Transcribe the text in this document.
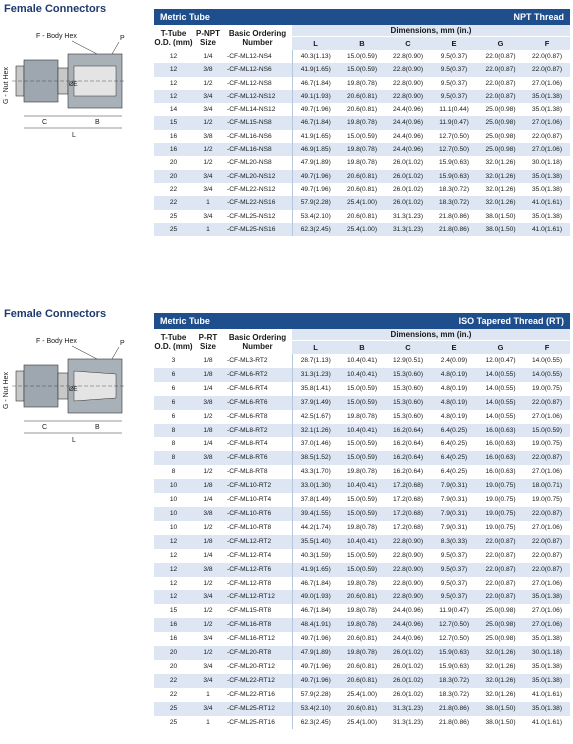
Female Connectors
F - Body Hex	P
G - Nut Hex	ØE
C	B
L
Metric Tube	NPT Thread
T-Tube O.D. (mm)	P-NPT Size	Basic Ordering Number	Dimensions, mm (in.)					
			L	B	C	E	G	F
12	1/4	-CF-ML12-NS4	40.3(1.13)	15.0(0.59)	22.8(0.90)	9.5(0.37)	22.0(0.87)	22.0(0.87)
12	3/8	-CF-ML12-NS6	41.9(1.65)	15.0(0.59)	22.8(0.90)	9.5(0.37)	22.0(0.87)	22.0(0.87)
12	1/2	-CF-ML12-NS8	46.7(1.84)	19.8(0.78)	22.8(0.90)	9.5(0.37)	22.0(0.87)	27.0(1.06)
12	3/4	-CF-ML12-NS12	49.1(1.93)	20.6(0.81)	22.8(0.90)	9.5(0.37)	22.0(0.87)	35.0(1.38)
14	3/4	-CF-ML14-NS12	49.7(1.96)	20.6(0.81)	24.4(0.96)	11.1(0.44)	25.0(0.98)	35.0(1.38)
15	1/2	-CF-ML15-NS8	46.7(1.84)	19.8(0.78)	24.4(0.96)	11.9(0.47)	25.0(0.98)	27.0(1.06)
16	3/8	-CF-ML16-NS6	41.9(1.65)	15.0(0.59)	24.4(0.96)	12.7(0.50)	25.0(0.98)	22.0(0.87)
16	1/2	-CF-ML16-NS8	46.9(1.85)	19.8(0.78)	24.4(0.96)	12.7(0.50)	25.0(0.98)	27.0(1.06)
20	1/2	-CF-ML20-NS8	47.9(1.89)	19.8(0.78)	26.0(1.02)	15.9(0.63)	32.0(1.26)	30.0(1.18)
20	3/4	-CF-ML20-NS12	49.7(1.96)	20.6(0.81)	26.0(1.02)	15.9(0.63)	32.0(1.26)	35.0(1.38)
22	3/4	-CF-ML22-NS12	49.7(1.96)	20.6(0.81)	26.0(1.02)	18.3(0.72)	32.0(1.26)	35.0(1.38)
22	1	-CF-ML22-NS16	57.9(2.28)	25.4(1.00)	26.0(1.02)	18.3(0.72)	32.0(1.26)	41.0(1.61)
25	3/4	-CF-ML25-NS12	53.4(2.10)	20.6(0.81)	31.3(1.23)	21.8(0.86)	38.0(1.50)	35.0(1.38)
25	1	-CF-ML25-NS16	62.3(2.45)	25.4(1.00)	31.3(1.23)	21.8(0.86)	38.0(1.50)	41.0(1.61)
Female Connectors
F - Body Hex	P
G - Nut Hex	ØE
C	B
L
Metric Tube	ISO Tapered Thread (RT)
T-Tube O.D. (mm)	P-RT Size	Basic Ordering Number	Dimensions, mm (in.)					
			L	B	C	E	G	F
3	1/8	-CF-ML3-RT2	28.7(1.13)	10.4(0.41)	12.9(0.51)	2.4(0.09)	12.0(0.47)	14.0(0.55)
6	1/8	-CF-ML6-RT2	31.3(1.23)	10.4(0.41)	15.3(0.60)	4.8(0.19)	14.0(0.55)	14.0(0.55)
6	1/4	-CF-ML6-RT4	35.8(1.41)	15.0(0.59)	15.3(0.60)	4.8(0.19)	14.0(0.55)	19.0(0.75)
6	3/8	-CF-ML6-RT6	37.9(1.49)	15.0(0.59)	15.3(0.60)	4.8(0.19)	14.0(0.55)	22.0(0.87)
6	1/2	-CF-ML6-RT8	42.5(1.67)	19.8(0.78)	15.3(0.60)	4.8(0.19)	14.0(0.55)	27.0(1.06)
8	1/8	-CF-ML8-RT2	32.1(1.26)	10.4(0.41)	16.2(0.64)	6.4(0.25)	16.0(0.63)	15.0(0.59)
8	1/4	-CF-ML8-RT4	37.0(1.46)	15.0(0.59)	16.2(0.64)	6.4(0.25)	16.0(0.63)	19.0(0.75)
8	3/8	-CF-ML8-RT6	38.5(1.52)	15.0(0.59)	16.2(0.64)	6.4(0.25)	16.0(0.63)	22.0(0.87)
8	1/2	-CF-ML8-RT8	43.3(1.70)	19.8(0.78)	16.2(0.64)	6.4(0.25)	16.0(0.63)	27.0(1.06)
10	1/8	-CF-ML10-RT2	33.0(1.30)	10.4(0.41)	17.2(0.68)	7.9(0.31)	19.0(0.75)	18.0(0.71)
10	1/4	-CF-ML10-RT4	37.8(1.49)	15.0(0.59)	17.2(0.68)	7.9(0.31)	19.0(0.75)	19.0(0.75)
10	3/8	-CF-ML10-RT6	39.4(1.55)	15.0(0.59)	17.2(0.68)	7.9(0.31)	19.0(0.75)	22.0(0.87)
10	1/2	-CF-ML10-RT8	44.2(1.74)	19.8(0.78)	17.2(0.68)	7.9(0.31)	19.0(0.75)	27.0(1.06)
12	1/8	-CF-ML12-RT2	35.5(1.40)	10.4(0.41)	22.8(0.90)	8.3(0.33)	22.0(0.87)	22.0(0.87)
12	1/4	-CF-ML12-RT4	40.3(1.59)	15.0(0.59)	22.8(0.90)	9.5(0.37)	22.0(0.87)	22.0(0.87)
12	3/8	-CF-ML12-RT6	41.9(1.65)	15.0(0.59)	22.8(0.90)	9.5(0.37)	22.0(0.87)	22.0(0.87)
12	1/2	-CF-ML12-RT8	46.7(1.84)	19.8(0.78)	22.8(0.90)	9.5(0.37)	22.0(0.87)	27.0(1.06)
12	3/4	-CF-ML12-RT12	49.0(1.93)	20.6(0.81)	22.8(0.90)	9.5(0.37)	22.0(0.87)	35.0(1.38)
15	1/2	-CF-ML15-RT8	46.7(1.84)	19.8(0.78)	24.4(0.96)	11.9(0.47)	25.0(0.98)	27.0(1.06)
16	1/2	-CF-ML16-RT8	48.4(1.91)	19.8(0.78)	24.4(0.96)	12.7(0.50)	25.0(0.98)	27.0(1.06)
16	3/4	-CF-ML16-RT12	49.7(1.96)	20.6(0.81)	24.4(0.96)	12.7(0.50)	25.0(0.98)	35.0(1.38)
20	1/2	-CF-ML20-RT8	47.9(1.89)	19.8(0.78)	26.0(1.02)	15.9(0.63)	32.0(1.26)	30.0(1.18)
20	3/4	-CF-ML20-RT12	49.7(1.96)	20.6(0.81)	26.0(1.02)	15.9(0.63)	32.0(1.26)	35.0(1.38)
22	3/4	-CF-ML22-RT12	49.7(1.96)	20.6(0.81)	26.0(1.02)	18.3(0.72)	32.0(1.26)	35.0(1.38)
22	1	-CF-ML22-RT16	57.9(2.28)	25.4(1.00)	26.0(1.02)	18.3(0.72)	32.0(1.26)	41.0(1.61)
25	3/4	-CF-ML25-RT12	53.4(2.10)	20.6(0.81)	31.3(1.23)	21.8(0.86)	38.0(1.50)	35.0(1.38)
25	1	-CF-ML25-RT16	62.3(2.45)	25.4(1.00)	31.3(1.23)	21.8(0.86)	38.0(1.50)	41.0(1.61)
